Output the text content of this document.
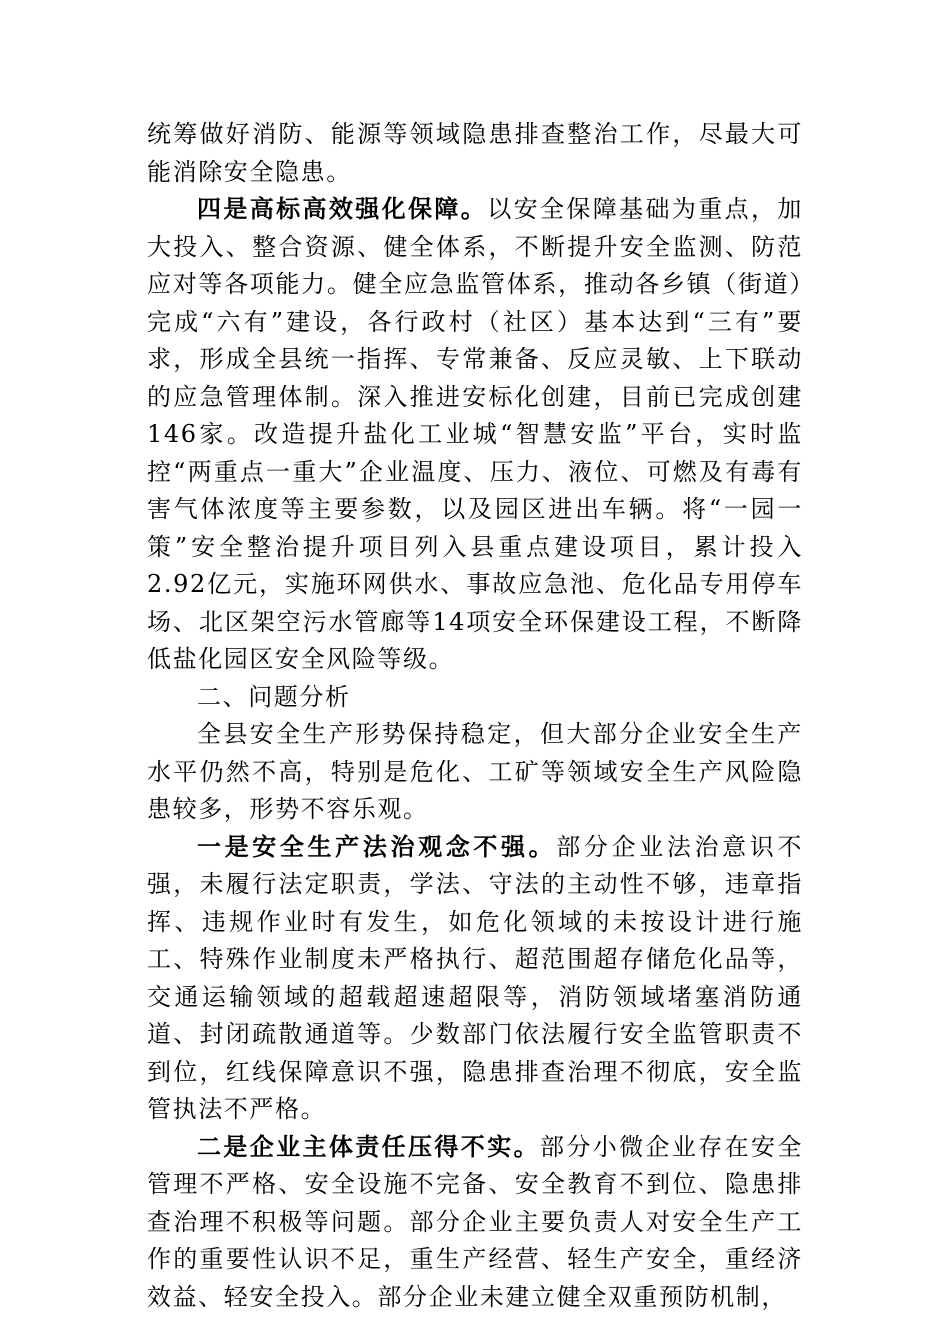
统筹做好消防、能源等领域隐患排查整治工作，尽最大可能消除安全隐患。

四是高标高效强化保障。以安全保障基础为重点，加大投入、整合资源、健全体系，不断提升安全监测、防范应对等各项能力。健全应急监管体系，推动各乡镇（街道）完成“六有”建设，各行政村（社区）基本达到“三有”要求，形成全县统一指挥、专常兼备、反应灵敏、上下联动的应急管理体制。深入推进安标化创建，目前已完成创建146家。改造提升盐化工业城“智慧安监”平台，实时监控“两重点一重大”企业温度、压力、液位、可燃及有毒有害气体浓度等主要参数，以及园区进出车辆。将“一园一策”安全整治提升项目列入县重点建设项目，累计投入2.92亿元，实施环网供水、事故应急池、危化品专用停车场、北区架空污水管廊等14项安全环保建设工程，不断降低盐化园区安全风险等级。

二、问题分析

全县安全生产形势保持稳定，但大部分企业安全生产水平仍然不高，特别是危化、工矿等领域安全生产风险隐患较多，形势不容乐观。

一是安全生产法治观念不强。部分企业法治意识不强，未履行法定职责，学法、守法的主动性不够，违章指挥、违规作业时有发生，如危化领域的未按设计进行施工、特殊作业制度未严格执行、超范围超存储危化品等，交通运输领域的超载超速超限等，消防领域堵塞消防通道、封闭疏散通道等。少数部门依法履行安全监管职责不到位，红线保障意识不强，隐患排查治理不彻底，安全监管执法不严格。

二是企业主体责任压得不实。部分小微企业存在安全管理不严格、安全设施不完备、安全教育不到位、隐患排查治理不积极等问题。部分企业主要负责人对安全生产工作的重要性认识不足，重生产经营、轻生产安全，重经济效益、轻安全投入。部分企业未建立健全双重预防机制，
